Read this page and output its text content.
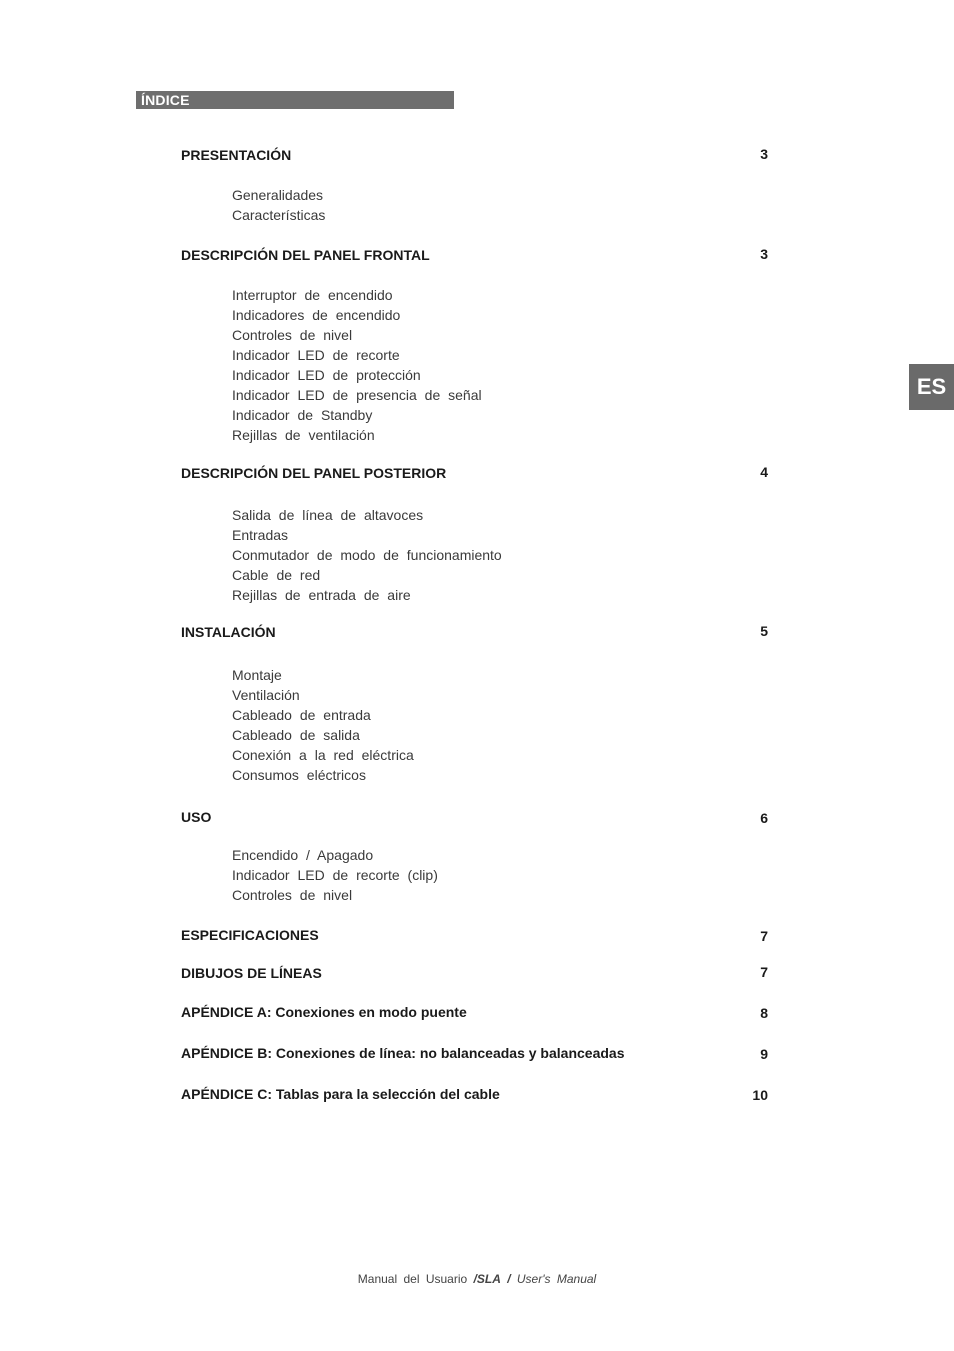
ÍNDICE
ES
PRESENTACIÓN	3
Generalidades
Características
DESCRIPCIÓN DEL PANEL FRONTAL	3
Interruptor de encendido
Indicadores de encendido
Controles de nivel
Indicador LED de recorte
Indicador LED de protección
Indicador LED de presencia de señal
Indicador de Standby
Rejillas de ventilación
DESCRIPCIÓN DEL PANEL POSTERIOR	4
Salida de línea de altavoces
Entradas
Conmutador de modo de funcionamiento
Cable de red
Rejillas de entrada de aire
INSTALACIÓN	5
Montaje
Ventilación
Cableado de entrada
Cableado de salida
Conexión a la red eléctrica
Consumos eléctricos
USO	6
Encendido / Apagado
Indicador LED de recorte (clip)
Controles de nivel
ESPECIFICACIONES	7
DIBUJOS DE LÍNEAS	7
APÉNDICE A: Conexiones en modo puente	8
APÉNDICE B: Conexiones de línea: no balanceadas y balanceadas	9
APÉNDICE C: Tablas para la selección del cable	10
Manual del Usuario /SLA / User's Manual
